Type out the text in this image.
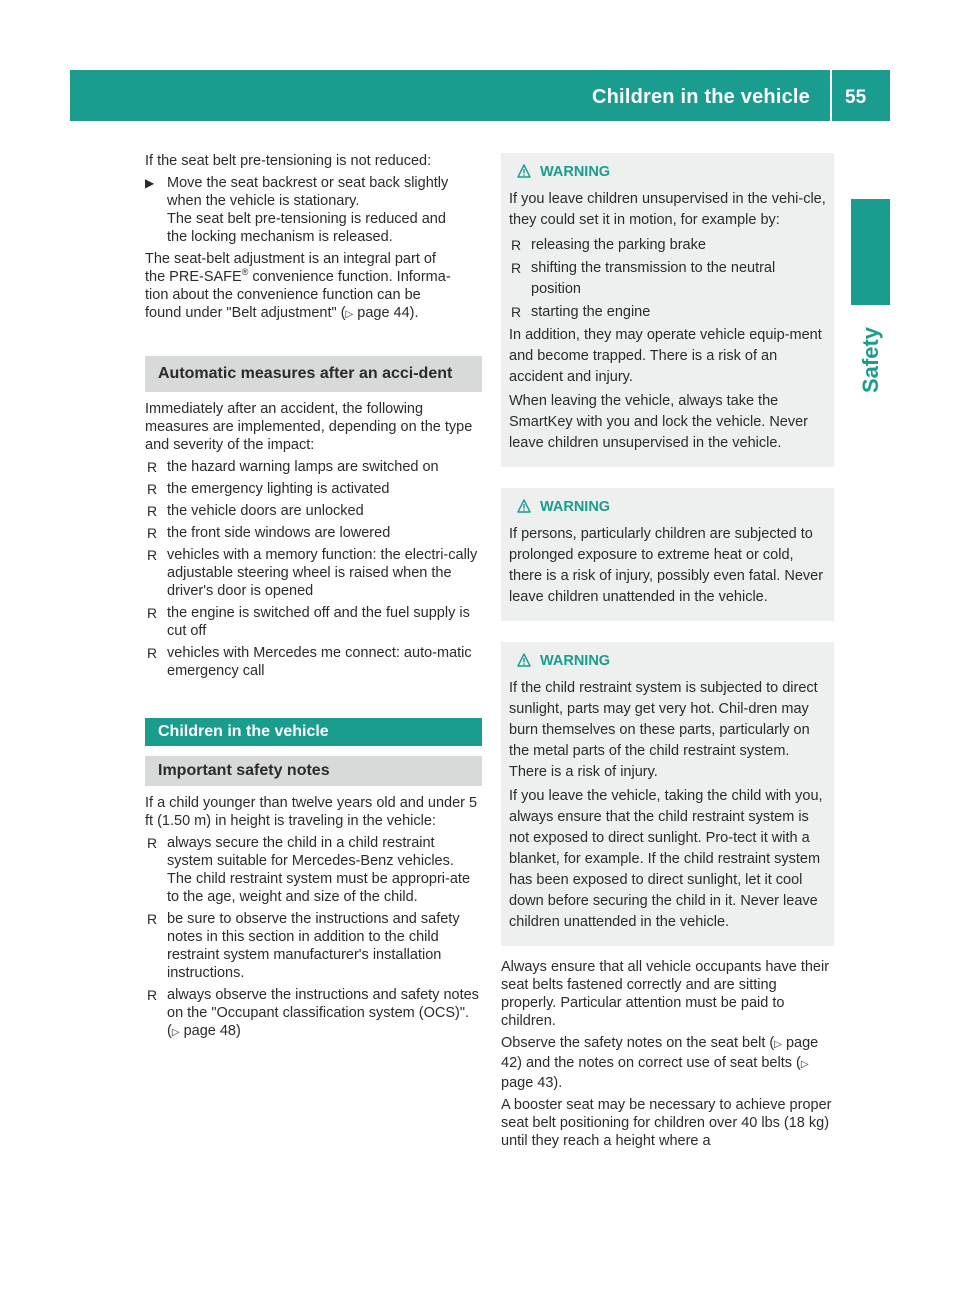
Children in the vehicle 55
Safety

If the seat belt pre-tensioning is not reduced:

▶ Move the seat backrest or seat back slightly
when the vehicle is stationary.
The seat belt pre-tensioning is reduced and
the locking mechanism is released.

The seat-belt adjustment is an integral part of
the PRE-SAFE® convenience function. Informa-
tion about the convenience function can be
found under "Belt adjustment" (▷ page 44).

Automatic measures after an acci-dent

Immediately after an accident, the following measures are implemented, depending on the type and severity of the impact:

R the hazard warning lamps are switched on
R the emergency lighting is activated
R the vehicle doors are unlocked
R the front side windows are lowered
R vehicles with a memory function: the electri-cally adjustable steering wheel is raised when the driver's door is opened
R the engine is switched off and the fuel supply is cut off
R vehicles with Mercedes me connect: auto-matic emergency call
Children in the vehicle
Important safety notes

If a child younger than twelve years old and under 5 ft (1.50 m) in height is traveling in the vehicle:

R always secure the child in a child restraint system suitable for Mercedes-Benz vehicles. The child restraint system must be appropri-ate to the age, weight and size of the child.
R be sure to observe the instructions and safety notes in this section in addition to the child restraint system manufacturer's installation instructions.
R always observe the instructions and safety notes on the "Occupant classification system (OCS)". (▷ page 48)
WARNING

If you leave children unsupervised in the vehi-cle, they could set it in motion, for example by:

R releasing the parking brake
R shifting the transmission to the neutral position
R starting the engine

In addition, they may operate vehicle equip-ment and become trapped. There is a risk of an accident and injury.

When leaving the vehicle, always take the SmartKey with you and lock the vehicle. Never leave children unsupervised in the vehicle.

WARNING

If persons, particularly children are subjected to prolonged exposure to extreme heat or cold, there is a risk of injury, possibly even fatal. Never leave children unattended in the vehicle.

WARNING

If the child restraint system is subjected to direct sunlight, parts may get very hot. Chil-dren may burn themselves on these parts, particularly on the metal parts of the child restraint system. There is a risk of injury.

If you leave the vehicle, taking the child with you, always ensure that the child restraint system is not exposed to direct sunlight. Pro-tect it with a blanket, for example. If the child restraint system has been exposed to direct sunlight, let it cool down before securing the child in it. Never leave children unattended in the vehicle.

Always ensure that all vehicle occupants have their seat belts fastened correctly and are sitting properly. Particular attention must be paid to children.

Observe the safety notes on the seat belt (▷ page 42) and the notes on correct use of seat belts (▷ page 43).

A booster seat may be necessary to achieve proper seat belt positioning for children over 40 lbs (18 kg) until they reach a height where a
